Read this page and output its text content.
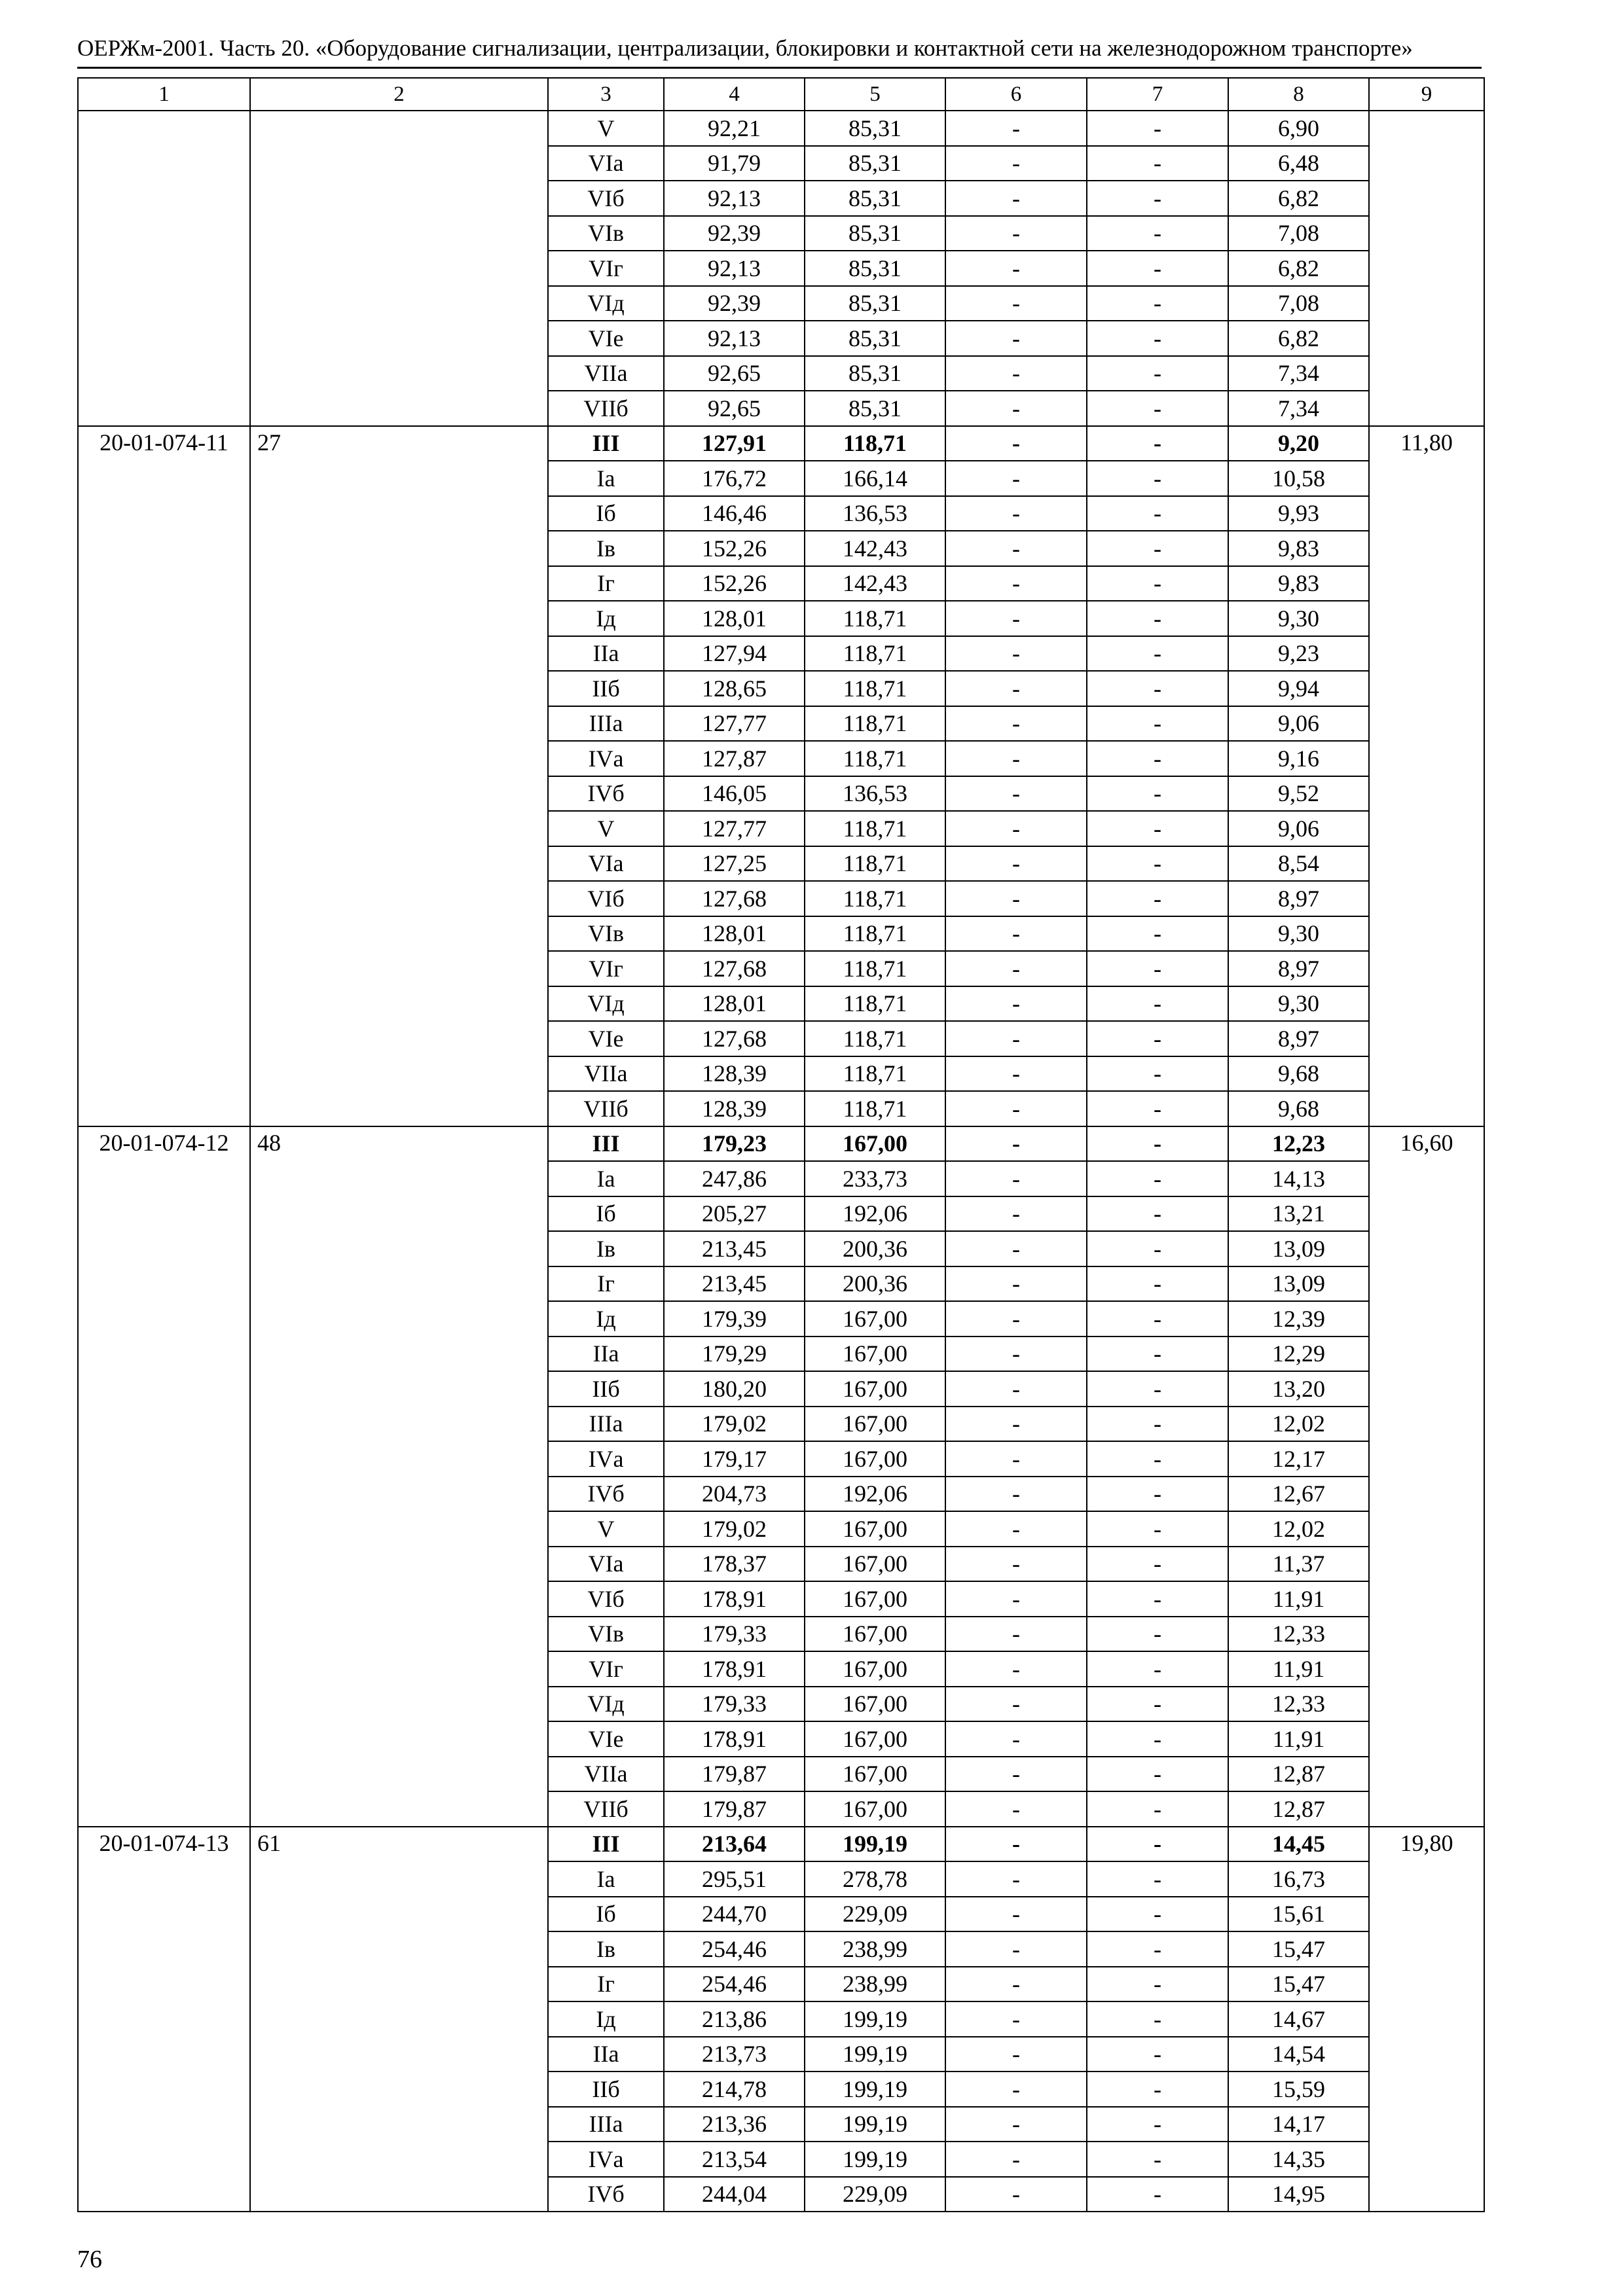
ОЕРЖм-2001. Часть 20. «Оборудование сигнализации, централизации, блокировки и контактной сети на железнодорожном транспорте»
1	2	3	4	5	6	7	8	9
		V	92,21	85,31	-	-	6,90	
		VIа	91,79	85,31	-	-	6,48	
		VIб	92,13	85,31	-	-	6,82	
		VIв	92,39	85,31	-	-	7,08	
		VIг	92,13	85,31	-	-	6,82	
		VIд	92,39	85,31	-	-	7,08	
		VIе	92,13	85,31	-	-	6,82	
		VIIа	92,65	85,31	-	-	7,34	
		VIIб	92,65	85,31	-	-	7,34	
20-01-074-11	27	III	127,91	118,71	-	-	9,20	11,80
		Iа	176,72	166,14	-	-	10,58	
		Iб	146,46	136,53	-	-	9,93	
		Iв	152,26	142,43	-	-	9,83	
		Iг	152,26	142,43	-	-	9,83	
		Iд	128,01	118,71	-	-	9,30	
		IIа	127,94	118,71	-	-	9,23	
		IIб	128,65	118,71	-	-	9,94	
		IIIа	127,77	118,71	-	-	9,06	
		IVа	127,87	118,71	-	-	9,16	
		IVб	146,05	136,53	-	-	9,52	
		V	127,77	118,71	-	-	9,06	
		VIа	127,25	118,71	-	-	8,54	
		VIб	127,68	118,71	-	-	8,97	
		VIв	128,01	118,71	-	-	9,30	
		VIг	127,68	118,71	-	-	8,97	
		VIд	128,01	118,71	-	-	9,30	
		VIе	127,68	118,71	-	-	8,97	
		VIIа	128,39	118,71	-	-	9,68	
		VIIб	128,39	118,71	-	-	9,68	
20-01-074-12	48	III	179,23	167,00	-	-	12,23	16,60
		Iа	247,86	233,73	-	-	14,13	
		Iб	205,27	192,06	-	-	13,21	
		Iв	213,45	200,36	-	-	13,09	
		Iг	213,45	200,36	-	-	13,09	
		Iд	179,39	167,00	-	-	12,39	
		IIа	179,29	167,00	-	-	12,29	
		IIб	180,20	167,00	-	-	13,20	
		IIIа	179,02	167,00	-	-	12,02	
		IVа	179,17	167,00	-	-	12,17	
		IVб	204,73	192,06	-	-	12,67	
		V	179,02	167,00	-	-	12,02	
		VIа	178,37	167,00	-	-	11,37	
		VIб	178,91	167,00	-	-	11,91	
		VIв	179,33	167,00	-	-	12,33	
		VIг	178,91	167,00	-	-	11,91	
		VIд	179,33	167,00	-	-	12,33	
		VIе	178,91	167,00	-	-	11,91	
		VIIа	179,87	167,00	-	-	12,87	
		VIIб	179,87	167,00	-	-	12,87	
20-01-074-13	61	III	213,64	199,19	-	-	14,45	19,80
		Iа	295,51	278,78	-	-	16,73	
		Iб	244,70	229,09	-	-	15,61	
		Iв	254,46	238,99	-	-	15,47	
		Iг	254,46	238,99	-	-	15,47	
		Iд	213,86	199,19	-	-	14,67	
		IIа	213,73	199,19	-	-	14,54	
		IIб	214,78	199,19	-	-	15,59	
		IIIа	213,36	199,19	-	-	14,17	
		IVа	213,54	199,19	-	-	14,35	
		IVб	244,04	229,09	-	-	14,95	
76
